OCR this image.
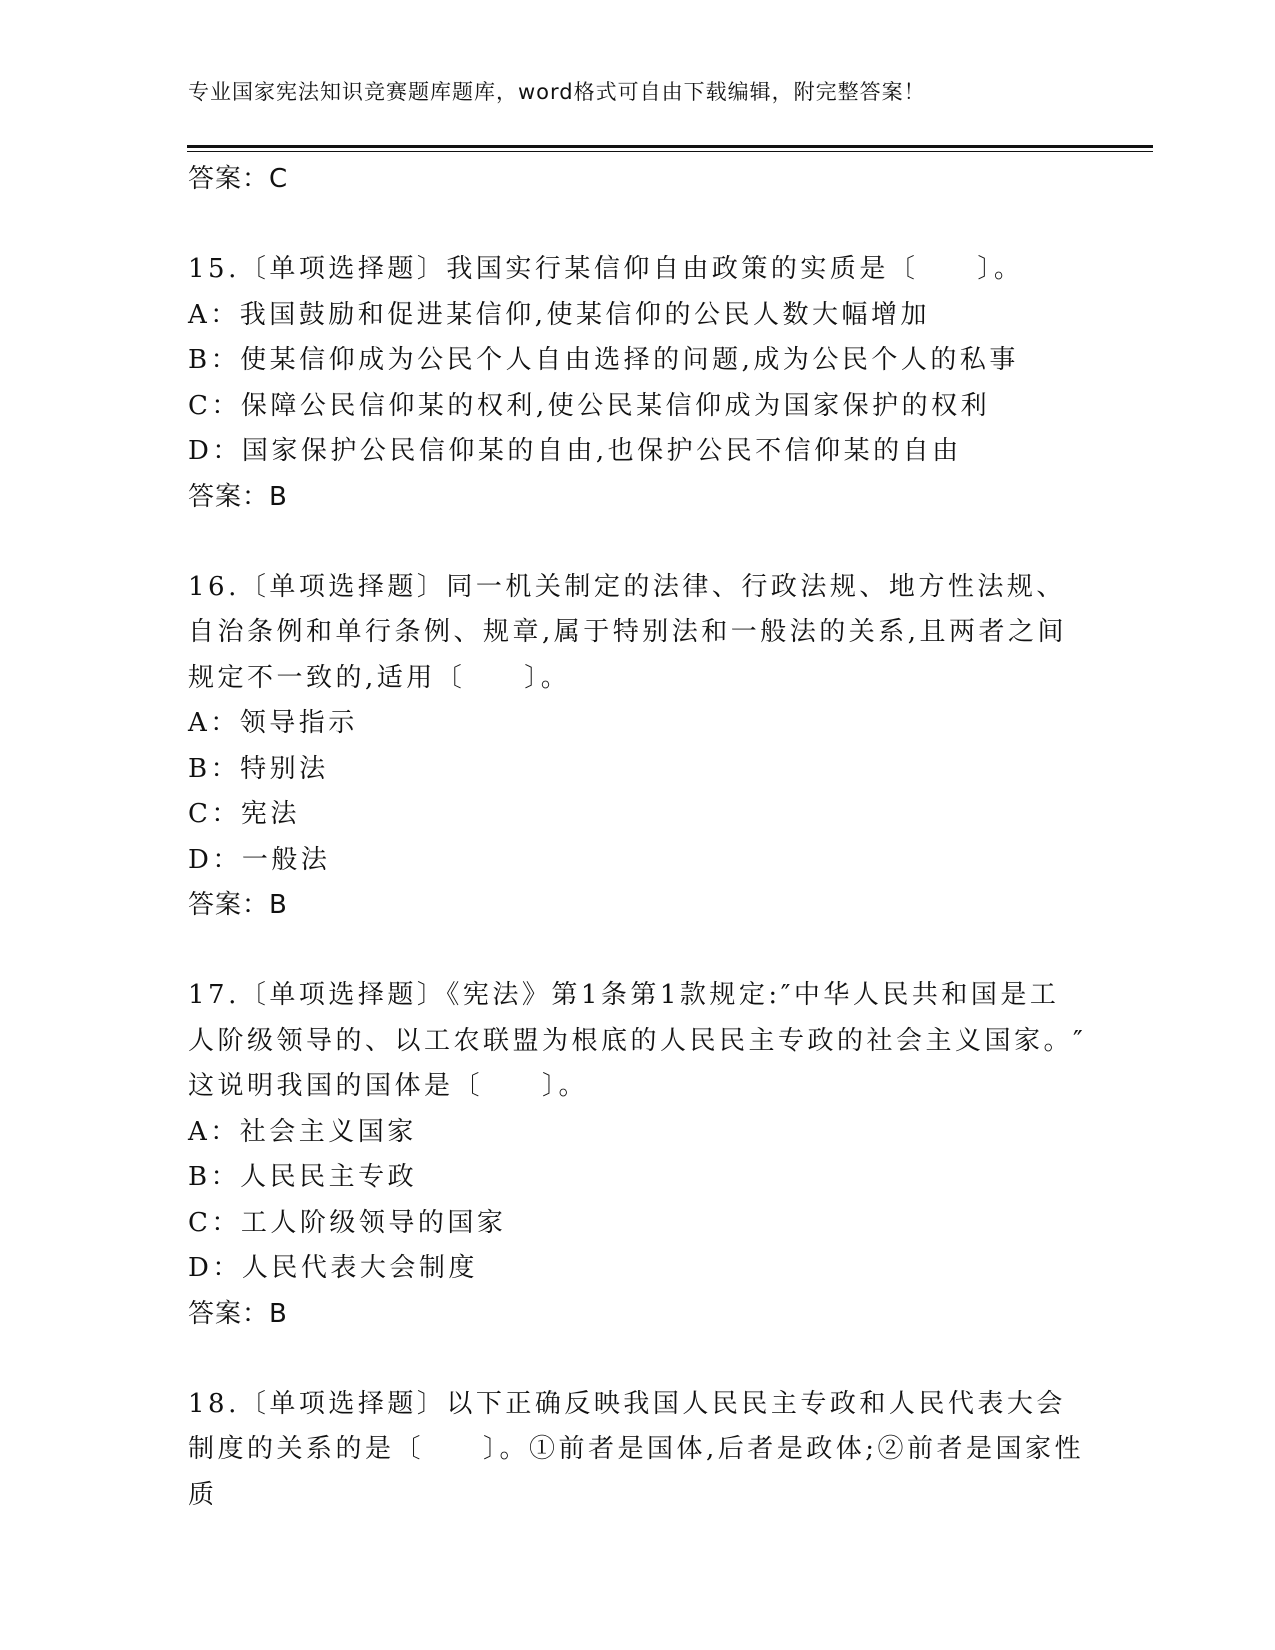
专业国家宪法知识竞赛题库题库，word格式可自由下载编辑，附完整答案！
答案：C
15.〔单项选择题〕我国实行某信仰自由政策的实质是〔　　〕。
A：我国鼓励和促进某信仰,使某信仰的公民人数大幅增加
B：使某信仰成为公民个人自由选择的问题,成为公民个人的私事
C：保障公民信仰某的权利,使公民某信仰成为国家保护的权利
D：国家保护公民信仰某的自由,也保护公民不信仰某的自由
答案：B
16.〔单项选择题〕同一机关制定的法律、行政法规、地方性法规、自治条例和单行条例、规章,属于特别法和一般法的关系,且两者之间规定不一致的,适用〔　　〕。
A：领导指示
B：特别法
C：宪法
D：一般法
答案：B
17.〔单项选择题〕《宪法》第1条第1款规定:″中华人民共和国是工人阶级领导的、以工农联盟为根底的人民民主专政的社会主义国家。″这说明我国的国体是〔　　〕。
A：社会主义国家
B：人民民主专政
C：工人阶级领导的国家
D：人民代表大会制度
答案：B
18.〔单项选择题〕以下正确反映我国人民民主专政和人民代表大会制度的关系的是〔　　〕。①前者是国体,后者是政体;②前者是国家性质
